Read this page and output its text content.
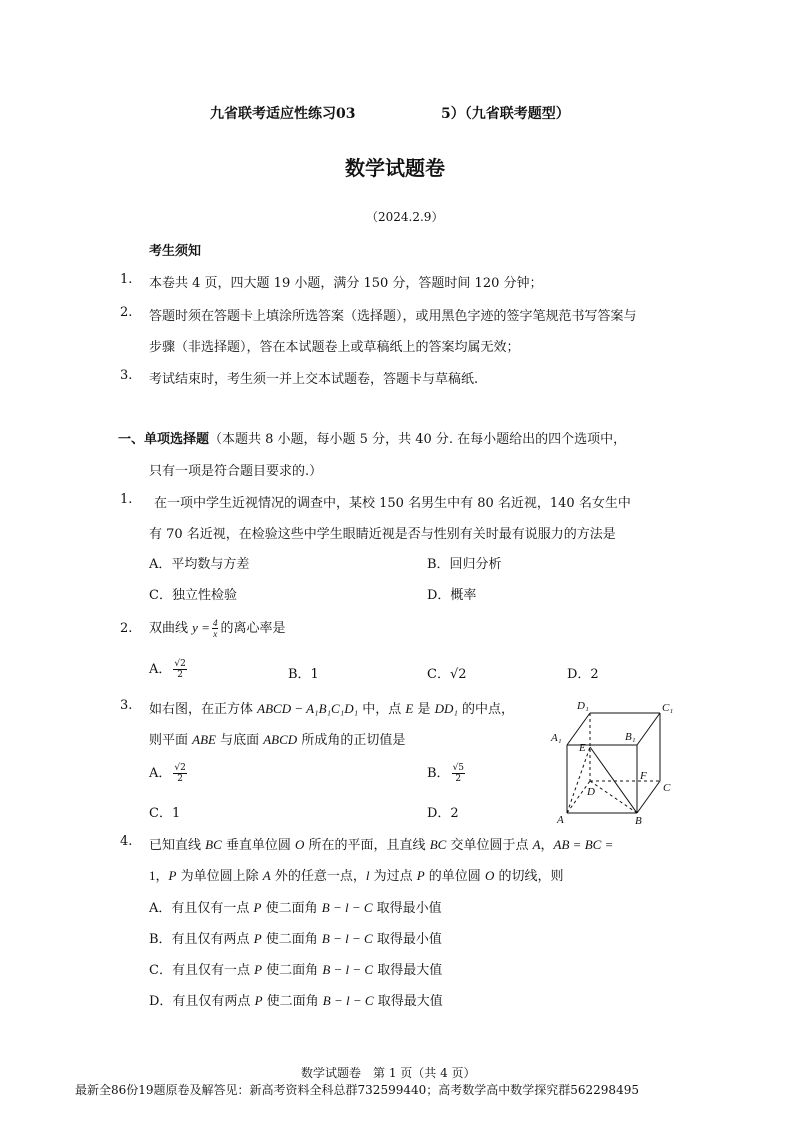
九省联考适应性练习03	5）（九省联考题型）
数学试题卷
（2024.2.9）
考生须知
1. 本卷共 4 页，四大题 19 小题，满分 150 分，答题时间 120 分钟；
2. 答题时须在答题卡上填涂所选答案（选择题），或用黑色字迹的签字笔规范书写答案与
步骤（非选择题），答在本试题卷上或草稿纸上的答案均属无效；
3. 考试结束时，考生须一并上交本试题卷，答题卡与草稿纸.
一、单项选择题（本题共 8 小题，每小题 5 分，共 40 分. 在每小题给出的四个选项中，
只有一项是符合题目要求的.）
1. 在一项中学生近视情况的调查中，某校 150 名男生中有 80 名近视，140 名女生中
有 70 名近视，在检验这些中学生眼睛近视是否与性别有关时最有说服力的方法是
A．平均数与方差	B．回归分析
C．独立性检验	D．概率
2. 双曲线 $y = \frac{4}{x}$ 的离心率是
A． $\frac{√2}{2}$	B．1	C．√2	D．2
3. 如右图，在正方体 ABCD − A₁B₁C₁D₁ 中，点 E 是 DD₁ 的中点，
则平面 ABE 与底面 ABCD 所成角的正切值是
A． $\frac{√2}{2}$	B． $\frac{√5}{2}$
C．1	D．2
D₁	C₁
B₁
A₁
E
F
D	C
A	B
4. 已知直线 BC 垂直单位圆 O 所在的平面，且直线 BC 交单位圆于点 A，AB = BC =
1，P 为单位圆上除 A 外的任意一点，l 为过点 P 的单位圆 O 的切线，则
A．有且仅有一点 P 使二面角 B − l − C 取得最小值
B．有且仅有两点 P 使二面角 B − l − C 取得最小值
C．有且仅有一点 P 使二面角 B − l − C 取得最大值
D．有且仅有两点 P 使二面角 B − l − C 取得最大值
数学试题卷　第 1 页（共 4 页）
最新全86份19题原卷及解答见：新高考资料全科总群732599440；高考数学高中数学探究群562298495
